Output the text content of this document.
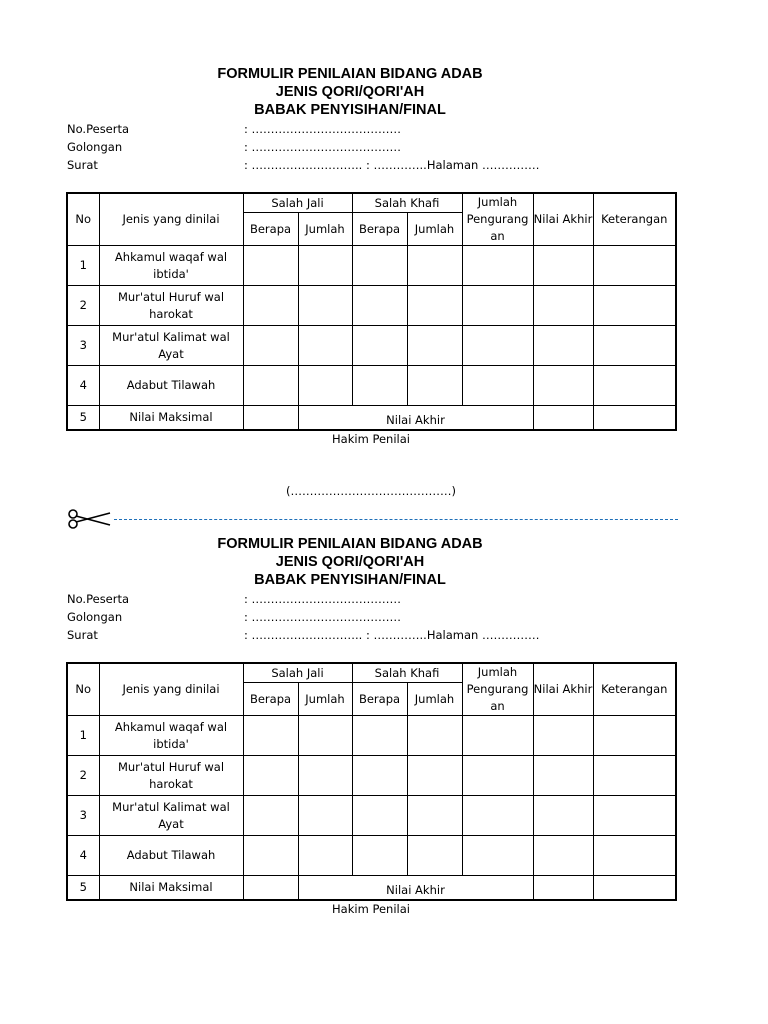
FORMULIR PENILAIAN BIDANG ADAB
JENIS QORI/QORI'AH
BABAK PENYISIHAN/FINAL
No.Peserta	: …………………………………
Golongan	: …………………………………
Surat	: ……………………….. : …………..Halaman ……………
No	Jenis yang dinilai	Salah Jali		Salah Khafi		Jumlah Pengurang an	Nilai Akhir	Keterangan
		Berapa	Jumlah	Berapa	Jumlah			
1	Ahkamul waqaf wal ibtida'							
2	Mur'atul Huruf wal harokat							
3	Mur'atul Kalimat wal Ayat							
4	Adabut Tilawah							
5	Nilai Maksimal		Nilai Akhir					
Hakim Penilai
(……………………………………)
FORMULIR PENILAIAN BIDANG ADAB
JENIS QORI/QORI'AH
BABAK PENYISIHAN/FINAL
No.Peserta	: …………………………………
Golongan	: …………………………………
Surat	: ……………………….. : …………..Halaman ……………
No	Jenis yang dinilai	Salah Jali		Salah Khafi		Jumlah Pengurang an	Nilai Akhir	Keterangan
		Berapa	Jumlah	Berapa	Jumlah			
1	Ahkamul waqaf wal ibtida'							
2	Mur'atul Huruf wal harokat							
3	Mur'atul Kalimat wal Ayat							
4	Adabut Tilawah							
5	Nilai Maksimal		Nilai Akhir					
Hakim Penilai
